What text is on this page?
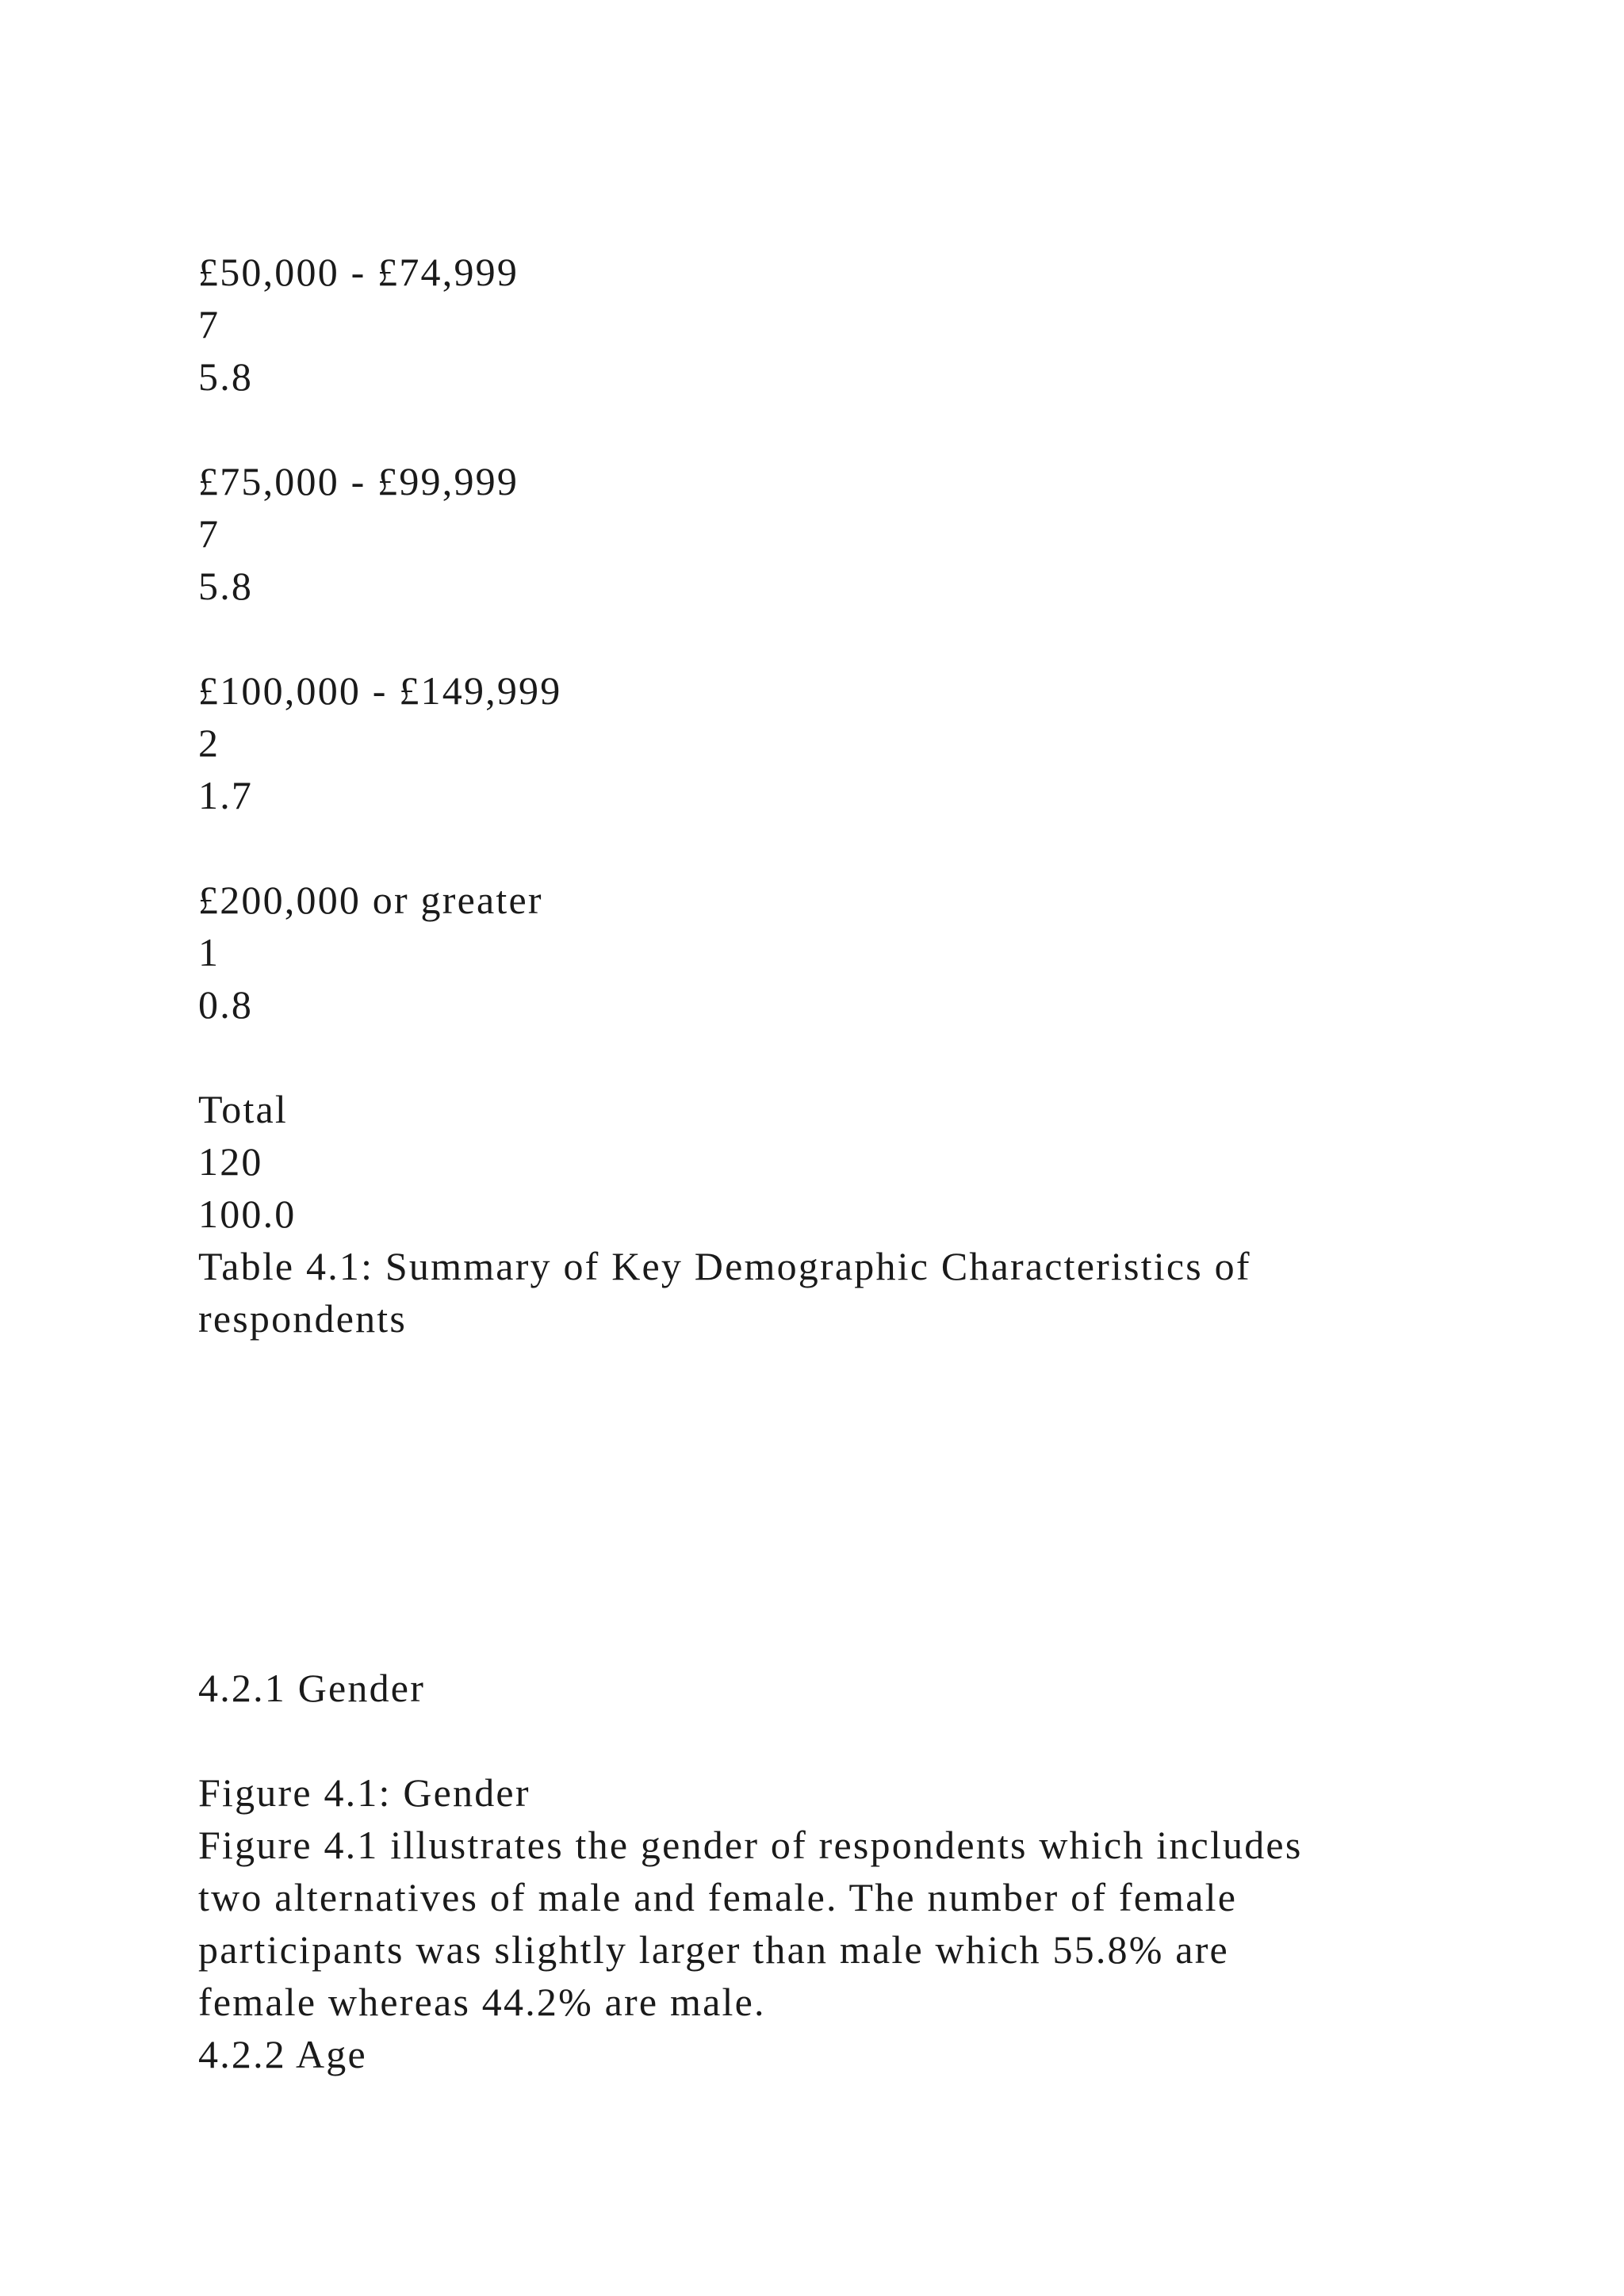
£50,000 - £74,999
7
5.8
£75,000 - £99,999
7
5.8
£100,000 - £149,999
2
1.7
£200,000 or greater
1
0.8
Total
120
100.0
Table 4.1: Summary of Key Demographic Characteristics of
respondents
4.2.1 Gender
Figure 4.1: Gender
Figure 4.1 illustrates the gender of respondents which includes
two alternatives of male and female. The number of female
participants was slightly larger than male which 55.8% are
female whereas 44.2% are male.
4.2.2 Age
